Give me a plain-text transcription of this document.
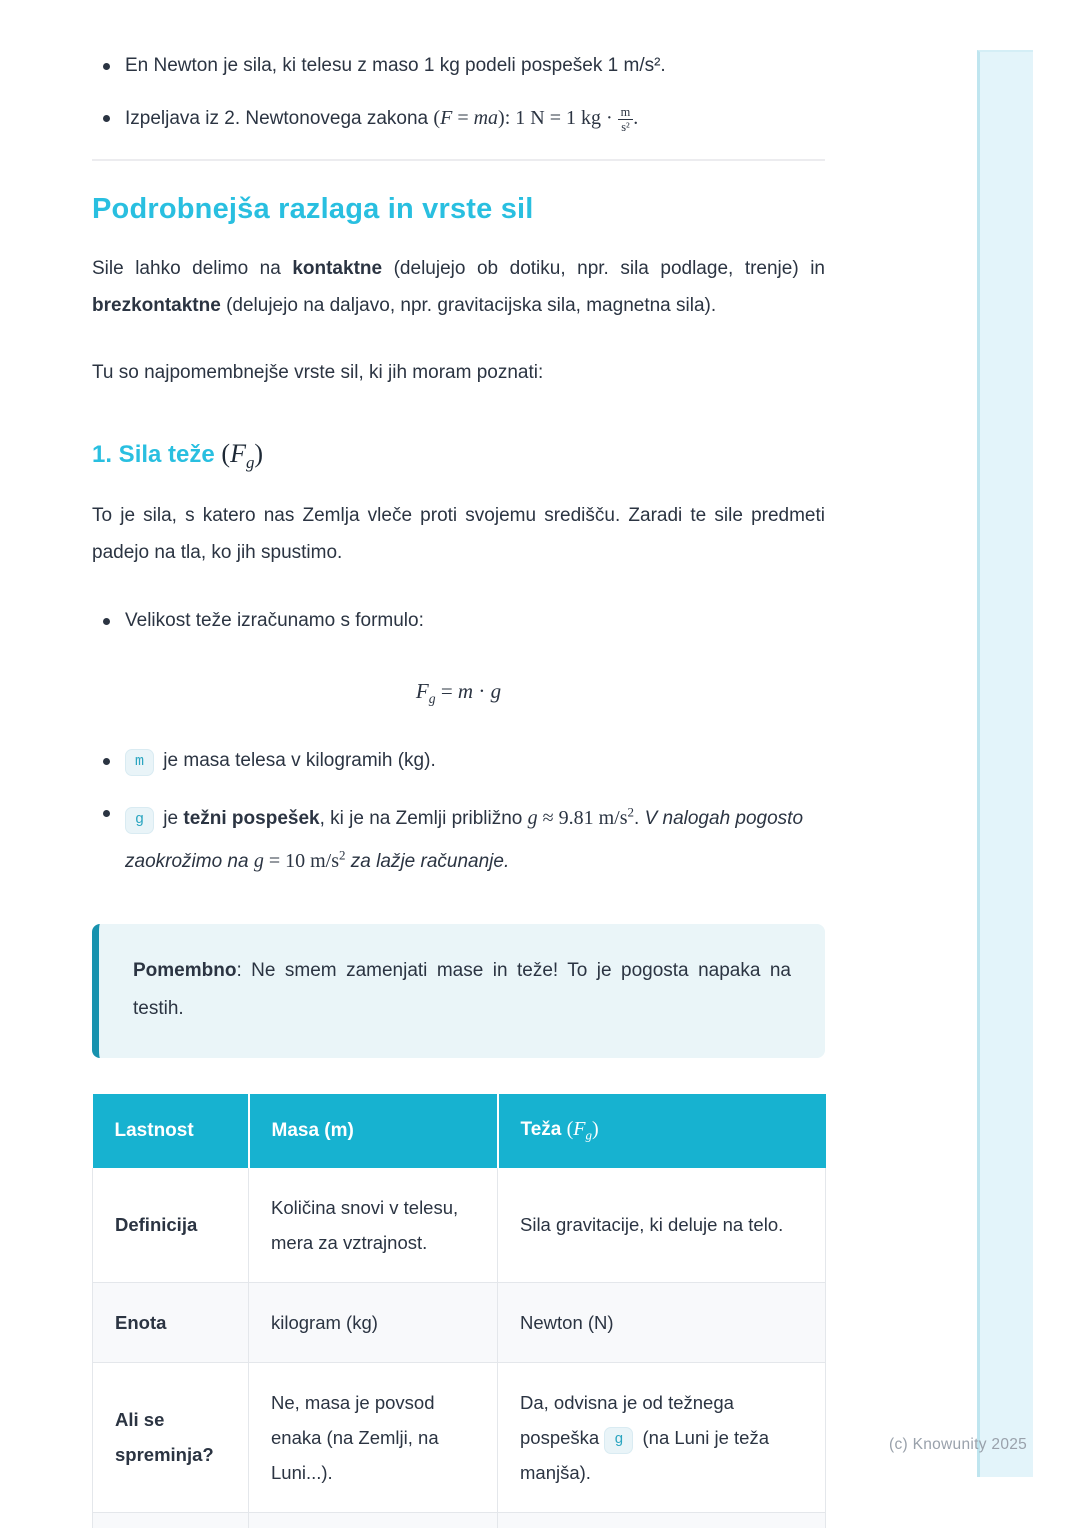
En Newton je sila, ki telesu z maso 1 kg podeli pospešek 1 m/s².
Izpeljava iz 2. Newtonovega zakona (F = ma): 1 N = 1 kg · $\frac{m}{\text{s²}}$ .
Podrobnejša razlaga in vrste sil

Sile lahko delimo na kontaktne (delujejo ob dotiku, npr. sila podlage, trenje) in brezkontaktne (delujejo na daljavo, npr. gravitacijska sila, magnetna sila).

Tu so najpomembnejše vrste sil, ki jih moram poznati:

1. Sila teže $(F_g)$

To je sila, s katero nas Zemlja vleče proti svojemu središču. Zaradi te sile predmeti padejo na tla, ko jih spustimo.

Velikost teže izračunamo s formulo:
$F_g = m \cdot g$
m je masa telesa v kilogramih (kg).
g je težni pospešek, ki je na Zemlji približno g ≈ 9.81 $m/s^2$. V nalogah pogosto zaokrožimo na g = 10 $m/s^2$ za lažje računanje.
Pomembno: Ne smem zamenjati mase in teže! To je pogosta napaka na testih.
Lastnost	Masa (m)	Teža $(F_g)$
Definicija	Količina snovi v telesu, mera za vztrajnost.	Sila gravitacije, ki deluje na telo.
Enota	kilogram (kg)	Newton (N)
Ali se spreminja?	Ne, masa je povsod enaka (na Zemlji, na Luni...).	Da, odvisna je od težnega pospeška g (na Luni je teža manjša).

(c) Knowunity 2025
